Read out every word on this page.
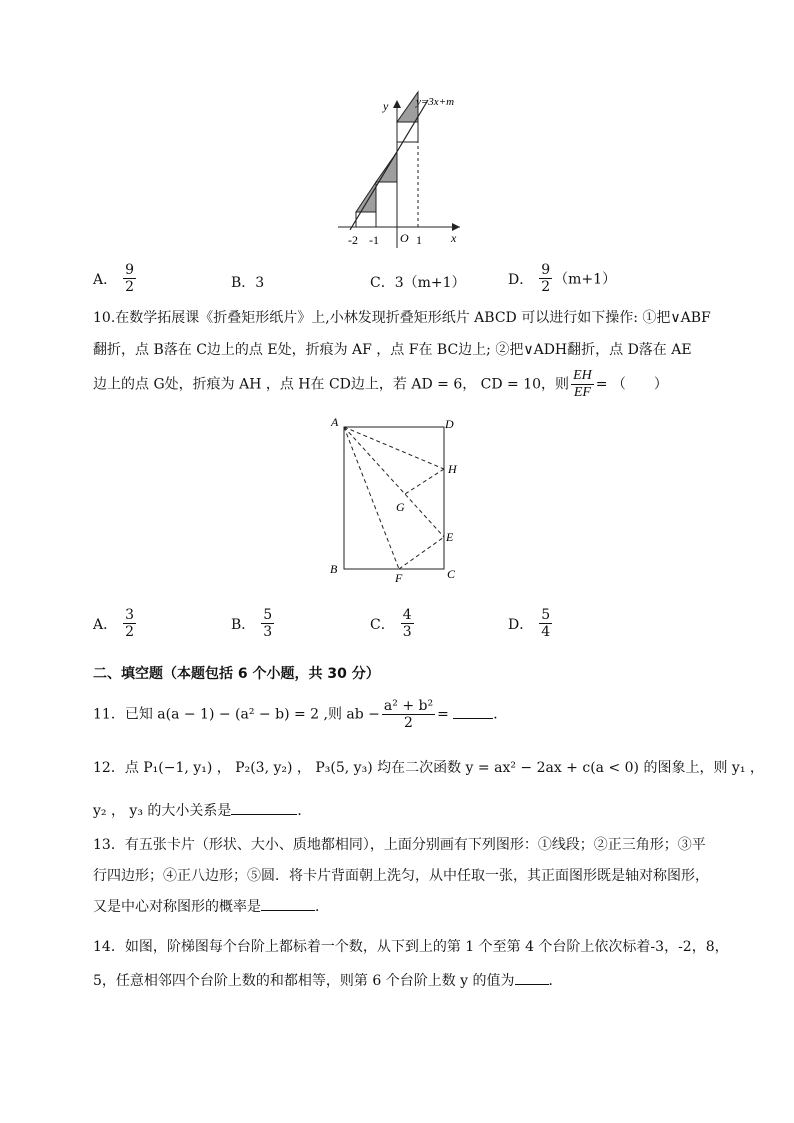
y
x
y=3x+m
O
-2 -1	1
A． $\frac{9}{2}$	B．3	C．3（m+1）	D． $\frac{9}{2} (m+1)$
10.在数学拓展课《折叠矩形纸片》上,小林发现折叠矩形纸片 ABCD 可以进行如下操作: ①把∨ABF
翻折，点 B落在 C边上的点 E处，折痕为 AF ，点 F在 BC边上; ②把∨ADH翻折，点 D落在 AE
边上的点 G处，折痕为 AH ，点 H在 CD边上，若 AD = 6， CD = 10，则 $\frac{EH}{EF}$ = （　　）
A	D
H
G
E
B
F	C
A． $\frac{3}{2}$	B． $\frac{5}{3}$	C． $\frac{4}{3}$	D． $\frac{5}{4}$
二、填空题（本题包括 6 个小题，共 30 分）
11．已知 a(a − 1) − (a² − b) = 2 ,则 ab − $\frac{\text{a² + b²}}{2}$ =	．
12．点 P₁(−1, y₁) ， P₂(3, y₂) ， P₃(5, y₃) 均在二次函数 y = ax² − 2ax + c(a < 0) 的图象上，则 y₁ ，
y₂ ， y₃ 的大小关系是	．
13．有五张卡片（形状、大小、质地都相同），上面分别画有下列图形：①线段；②正三角形；③平
行四边形；④正八边形；⑤圆．将卡片背面朝上洗匀，从中任取一张，其正面图形既是轴对称图形，
又是中心对称图形的概率是	．
14．如图，阶梯图每个台阶上都标着一个数，从下到上的第 1 个至第 4 个台阶上依次标着-3，-2，8，
5，任意相邻四个台阶上数的和都相等，则第 6 个台阶上数 y 的值为 ．
